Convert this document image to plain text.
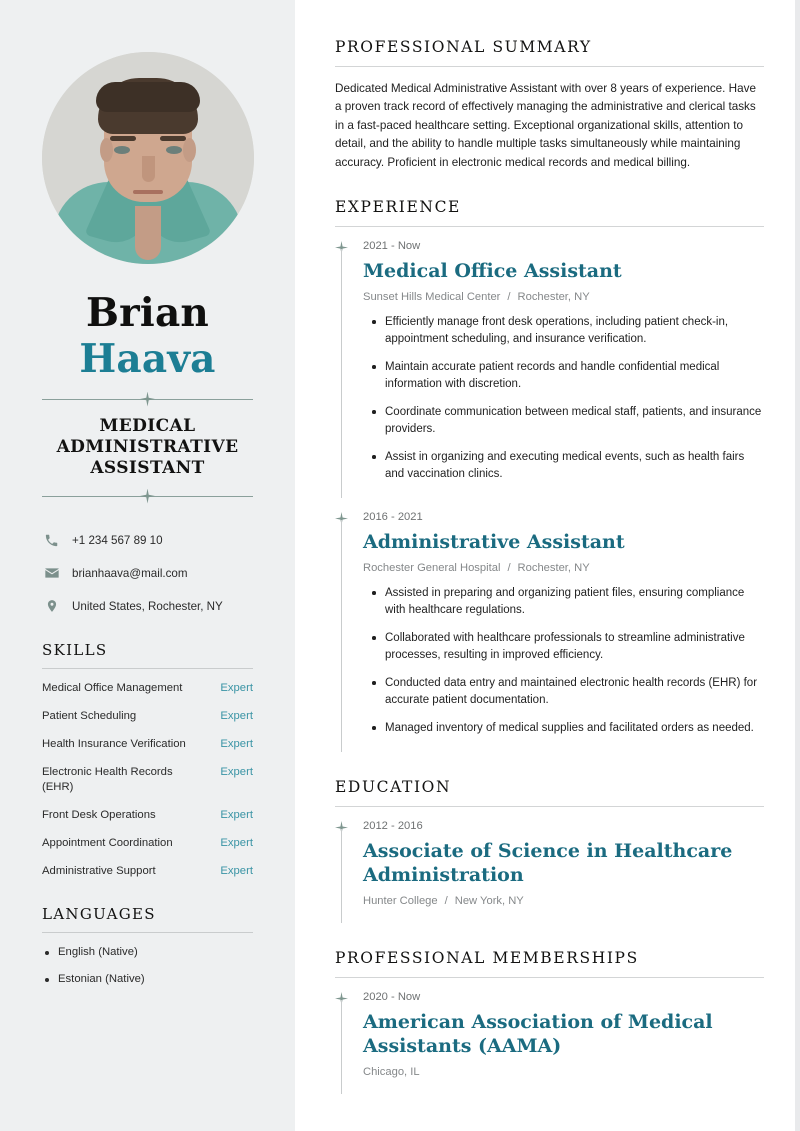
Brian
Haava
MEDICAL ADMINISTRATIVE ASSISTANT
+1 234 567 89 10
brianhaava@mail.com
United States, Rochester, NY
SKILLS
Medical Office Management	Expert
Patient Scheduling	Expert
Health Insurance Verification	Expert
Electronic Health Records (EHR)
Expert
Front Desk Operations	Expert
Appointment Coordination	Expert
Administrative Support	Expert
LANGUAGES
English (Native)
Estonian (Native)
PROFESSIONAL SUMMARY

Dedicated Medical Administrative Assistant with over 8 years of experience. Have a proven track record of effectively managing the administrative and clerical tasks in a fast-paced healthcare setting. Exceptional organizational skills, attention to detail, and the ability to handle multiple tasks simultaneously while maintaining accuracy. Proficient in electronic medical records and medical billing.

EXPERIENCE
2021 - Now
Medical Office Assistant
Sunset Hills Medical Center / Rochester, NY
Efficiently manage front desk operations, including patient check-in, appointment scheduling, and insurance verification.
Maintain accurate patient records and handle confidential medical information with discretion.
Coordinate communication between medical staff, patients, and insurance providers.
Assist in organizing and executing medical events, such as health fairs and vaccination clinics.
2016 - 2021
Administrative Assistant
Rochester General Hospital / Rochester, NY
Assisted in preparing and organizing patient files, ensuring compliance with healthcare regulations.
Collaborated with healthcare professionals to streamline administrative processes, resulting in improved efficiency.
Conducted data entry and maintained electronic health records (EHR) for accurate patient documentation.
Managed inventory of medical supplies and facilitated orders as needed.
EDUCATION
2012 - 2016
Associate of Science in Healthcare Administration
Hunter College / New York, NY
PROFESSIONAL MEMBERSHIPS
2020 - Now
American Association of Medical Assistants (AAMA)
Chicago, IL
